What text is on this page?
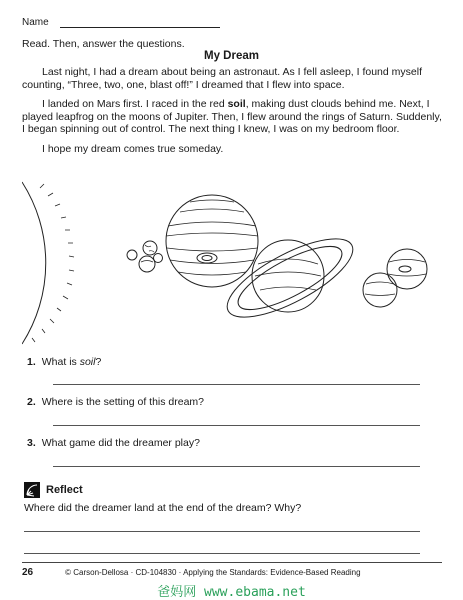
Name
Read. Then, answer the questions.
My Dream

Last night, I had a dream about being an astronaut. As I fell asleep, I found myself counting, “Three, two, one, blast off!” I dreamed that I flew into space.

I landed on Mars first. I raced in the red soil, making dust clouds behind me. Next, I played leapfrog on the moons of Jupiter. Then, I flew around the rings of Saturn. Suddenly, I began spinning out of control. The next thing I knew, I was on my bedroom floor.

I hope my dream comes true someday.

1. What is soil?
2. Where is the setting of this dream?
3. What game did the dreamer play?
Reflect
Where did the dreamer land at the end of the dream? Why?
26	© Carson-Dellosa · CD-104830 · Applying the Standards: Evidence-Based Reading
爸妈网 www.ebama.net
